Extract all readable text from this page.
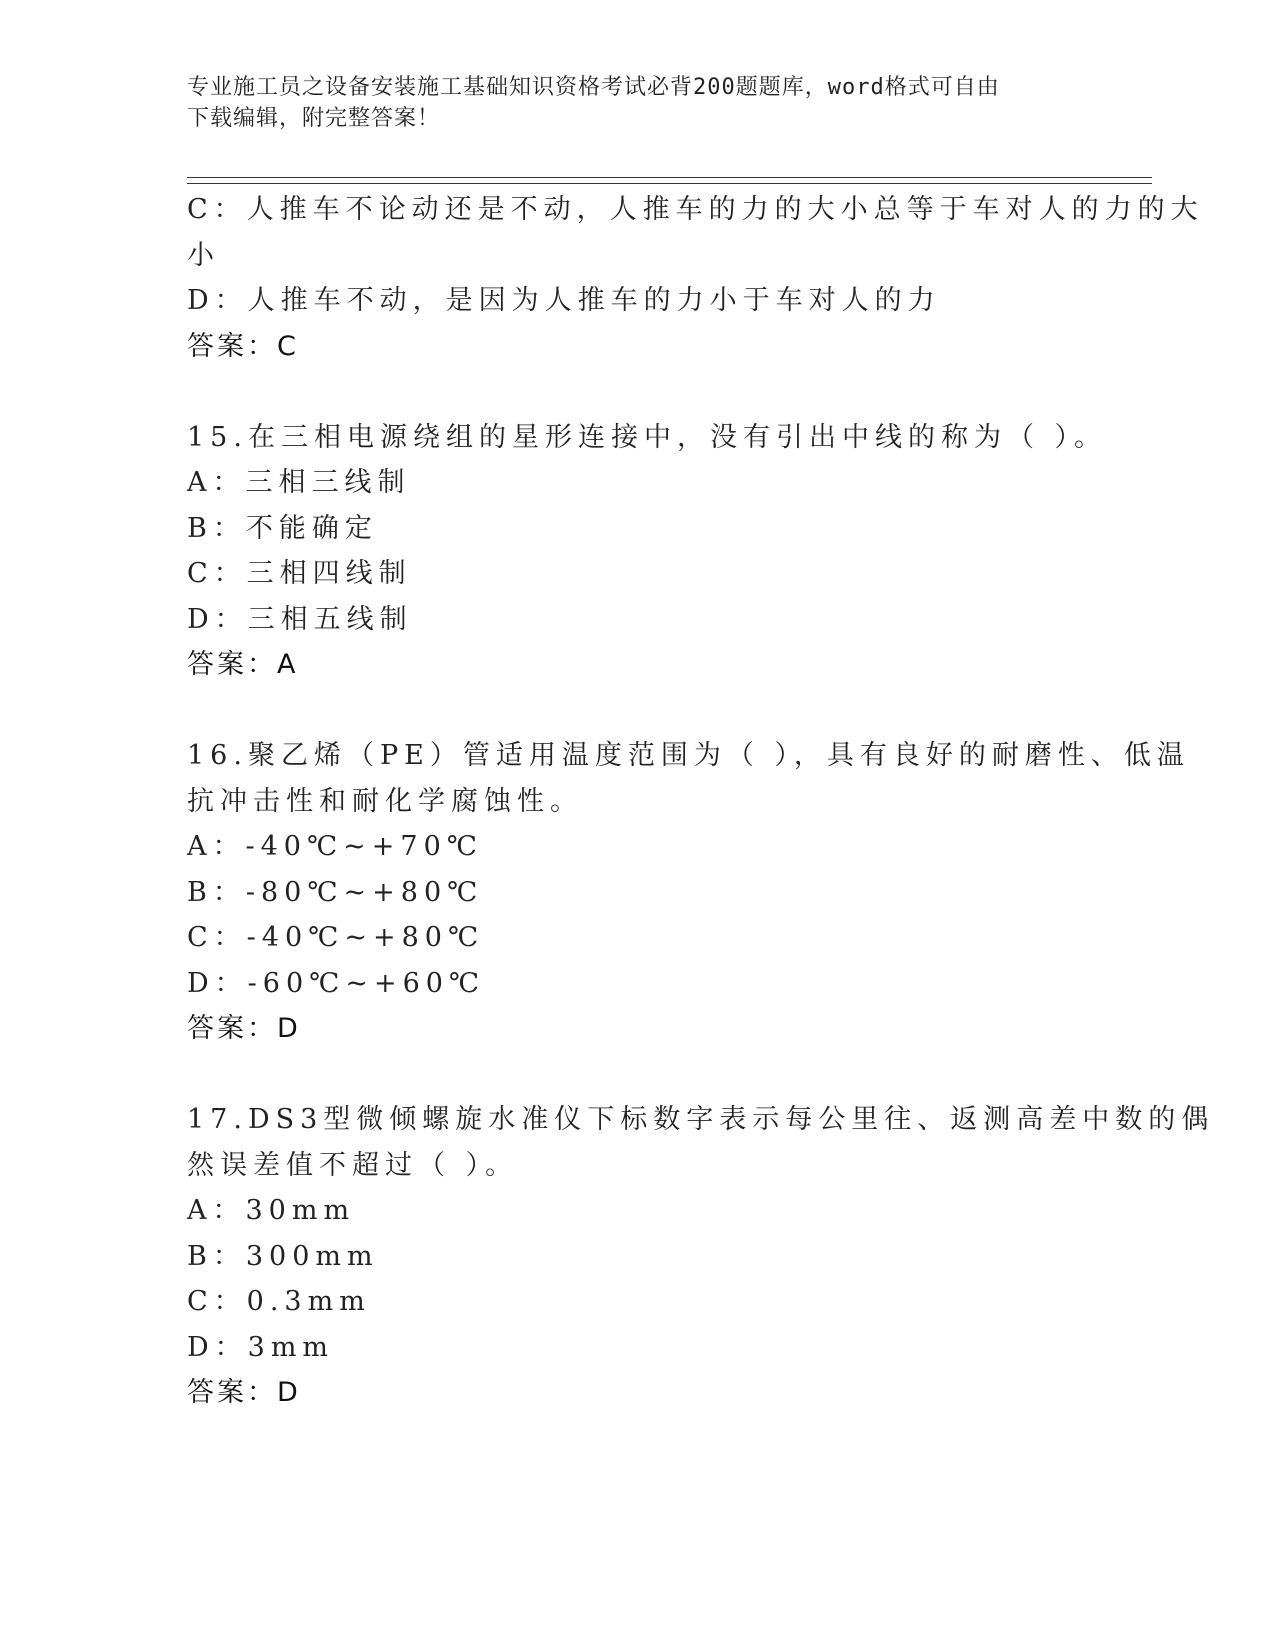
专业施工员之设备安装施工基础知识资格考试必背200题题库，word格式可自由
下载编辑，附完整答案！
C：人推车不论动还是不动，人推车的力的大小总等于车对人的力的大
小
D：人推车不动，是因为人推车的力小于车对人的力
答案：C
15.在三相电源绕组的星形连接中，没有引出中线的称为（ ）。
A：三相三线制
B：不能确定
C：三相四线制
D：三相五线制
答案：A
16.聚乙烯（PE）管适用温度范围为（ ），具有良好的耐磨性、低温
抗冲击性和耐化学腐蚀性。
A：-40℃~+70℃
B：-80℃~+80℃
C：-40℃~+80℃
D：-60℃~+60℃
答案：D
17.DS3型微倾螺旋水准仪下标数字表示每公里往、返测高差中数的偶
然误差值不超过（ ）。
A：30mm
B：300mm
C：0.3mm
D：3mm
答案：D
